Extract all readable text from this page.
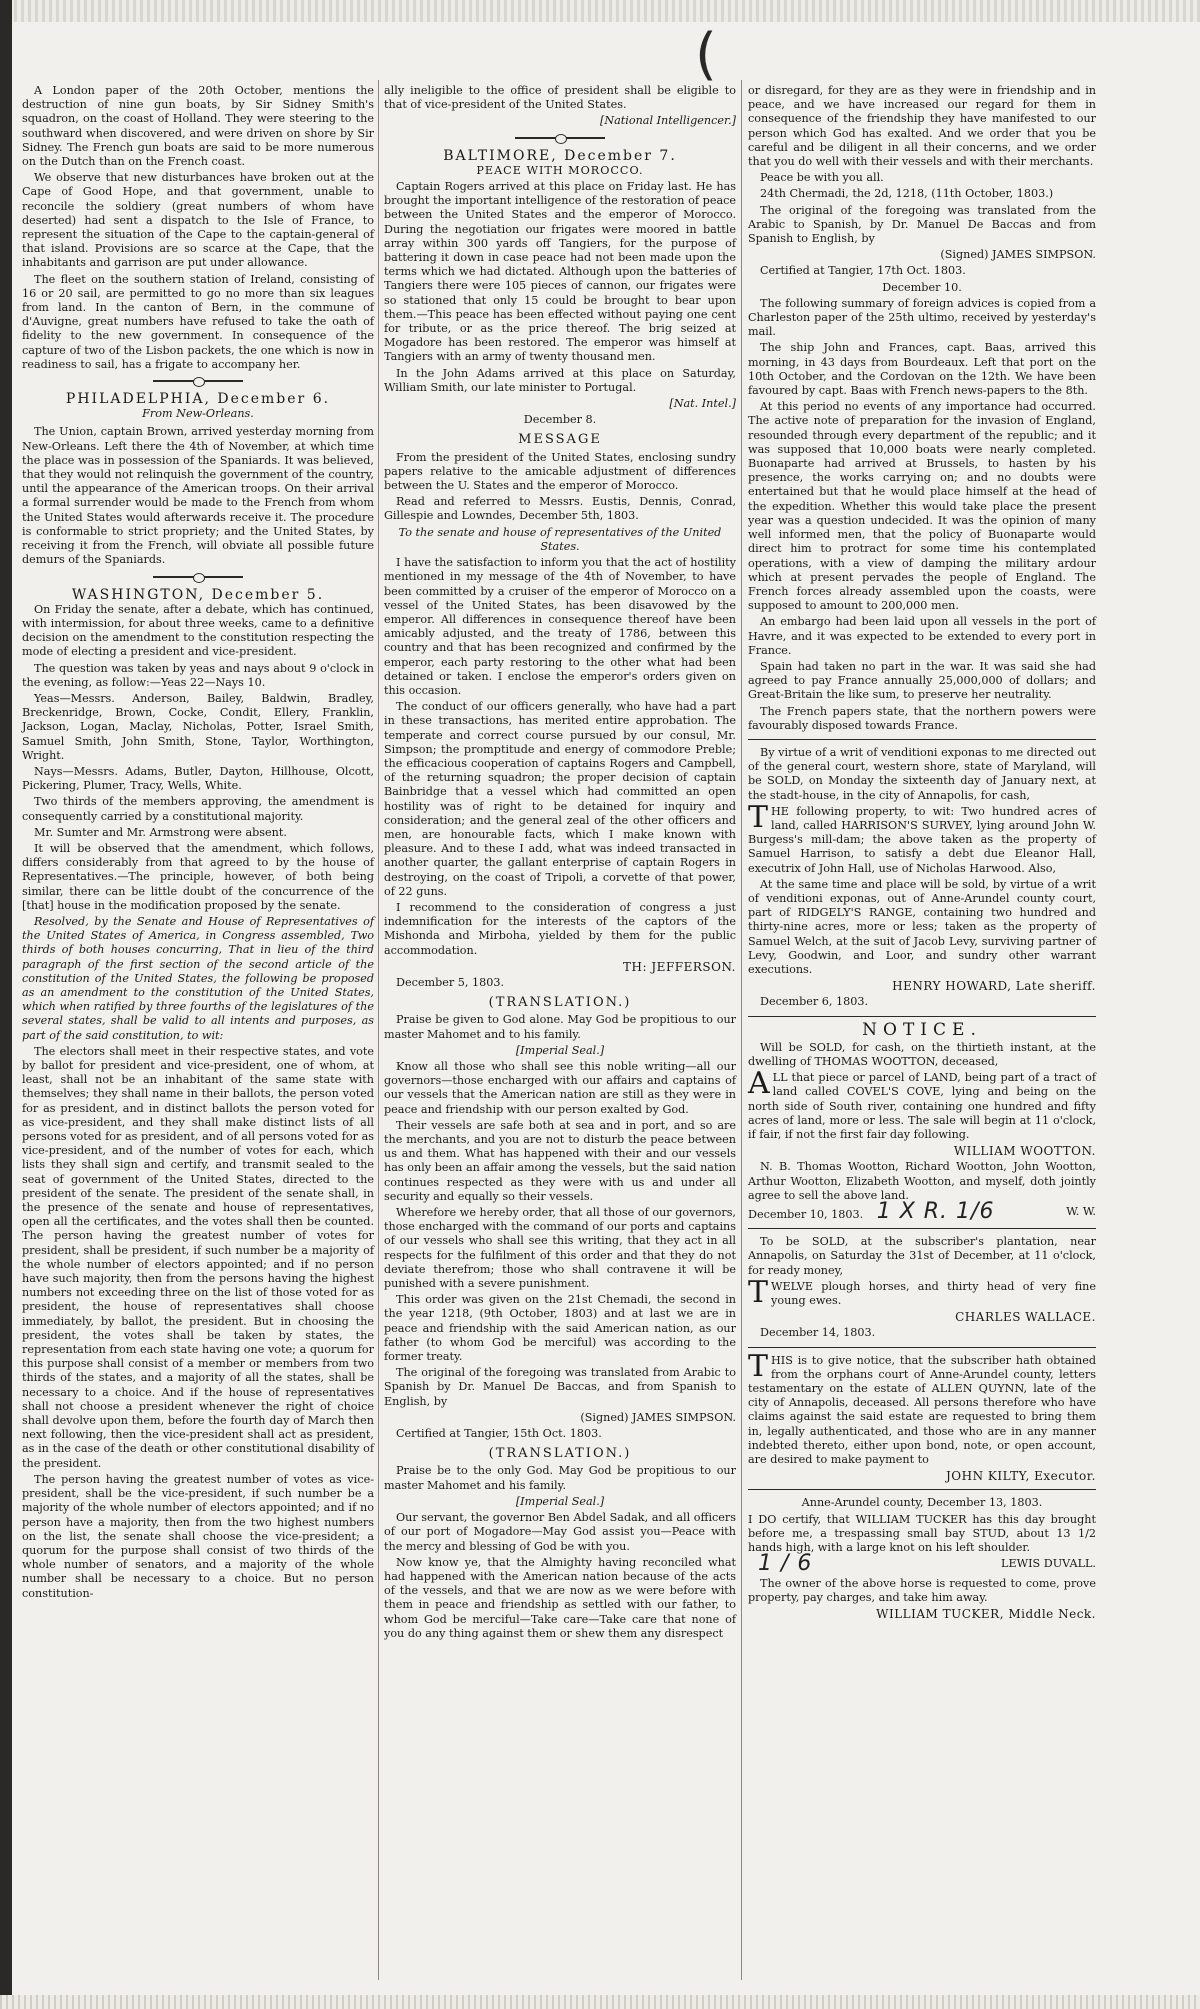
(

A London paper of the 20th October, mentions the destruction of nine gun boats, by Sir Sidney Smith's squadron, on the coast of Holland. They were steering to the southward when discovered, and were driven on shore by Sir Sidney. The French gun boats are said to be more numerous on the Dutch than on the French coast.

We observe that new disturbances have broken out at the Cape of Good Hope, and that government, unable to reconcile the soldiery (great numbers of whom have deserted) had sent a dispatch to the Isle of France, to represent the situation of the Cape to the captain-general of that island. Provisions are so scarce at the Cape, that the inhabitants and garrison are put under allowance.

The fleet on the southern station of Ireland, consisting of 16 or 20 sail, are permitted to go no more than six leagues from land. In the canton of Bern, in the commune of d'Auvigne, great numbers have refused to take the oath of fidelity to the new government. In consequence of the capture of two of the Lisbon packets, the one which is now in readiness to sail, has a frigate to accompany her.

PHILADELPHIA, December 6.

From New-Orleans.

The Union, captain Brown, arrived yesterday morning from New-Orleans. Left there the 4th of November, at which time the place was in possession of the Spaniards. It was believed, that they would not relinquish the government of the country, until the appearance of the American troops. On their arrival a formal surrender would be made to the French from whom the United States would afterwards receive it. The procedure is conformable to strict propriety; and the United States, by receiving it from the French, will obviate all possible future demurs of the Spaniards.

WASHINGTON, December 5.

On Friday the senate, after a debate, which has continued, with intermission, for about three weeks, came to a definitive decision on the amendment to the constitution respecting the mode of electing a president and vice-president.

The question was taken by yeas and nays about 9 o'clock in the evening, as follow:—Yeas 22—Nays 10.

Yeas—Messrs. Anderson, Bailey, Baldwin, Bradley, Breckenridge, Brown, Cocke, Condit, Ellery, Franklin, Jackson, Logan, Maclay, Nicholas, Potter, Israel Smith, Samuel Smith, John Smith, Stone, Taylor, Worthington, Wright.

Nays—Messrs. Adams, Butler, Dayton, Hillhouse, Olcott, Pickering, Plumer, Tracy, Wells, White.

Two thirds of the members approving, the amendment is consequently carried by a constitutional majority.

Mr. Sumter and Mr. Armstrong were absent.

It will be observed that the amendment, which follows, differs considerably from that agreed to by the house of Representatives.—The principle, however, of both being similar, there can be little doubt of the concurrence of the [that] house in the modification proposed by the senate.

Resolved, by the Senate and House of Representatives of the United States of America, in Congress assembled, Two thirds of both houses concurring, That in lieu of the third paragraph of the first section of the second article of the constitution of the United States, the following be proposed as an amendment to the constitution of the United States, which when ratified by three fourths of the legislatures of the several states, shall be valid to all intents and purposes, as part of the said constitution, to wit:

The electors shall meet in their respective states, and vote by ballot for president and vice-president, one of whom, at least, shall not be an inhabitant of the same state with themselves; they shall name in their ballots, the person voted for as president, and in distinct ballots the person voted for as vice-president, and they shall make distinct lists of all persons voted for as president, and of all persons voted for as vice-president, and of the number of votes for each, which lists they shall sign and certify, and transmit sealed to the seat of government of the United States, directed to the president of the senate. The president of the senate shall, in the presence of the senate and house of representatives, open all the certificates, and the votes shall then be counted. The person having the greatest number of votes for president, shall be president, if such number be a majority of the whole number of electors appointed; and if no person have such majority, then from the persons having the highest numbers not exceeding three on the list of those voted for as president, the house of representatives shall choose immediately, by ballot, the president. But in choosing the president, the votes shall be taken by states, the representation from each state having one vote; a quorum for this purpose shall consist of a member or members from two thirds of the states, and a majority of all the states, shall be necessary to a choice. And if the house of representatives shall not choose a president whenever the right of choice shall devolve upon them, before the fourth day of March then next following, then the vice-president shall act as president, as in the case of the death or other constitutional disability of the president.

The person having the greatest number of votes as vice-president, shall be the vice-president, if such number be a majority of the whole number of electors appointed; and if no person have a majority, then from the two highest numbers on the list, the senate shall choose the vice-president; a quorum for the purpose shall consist of two thirds of the whole number of senators, and a majority of the whole number shall be necessary to a choice. But no person constitution-

ally ineligible to the office of president shall be eligible to that of vice-president of the United States.

[National Intelligencer.]

BALTIMORE, December 7.

PEACE WITH MOROCCO.

Captain Rogers arrived at this place on Friday last. He has brought the important intelligence of the restoration of peace between the United States and the emperor of Morocco. During the negotiation our frigates were moored in battle array within 300 yards off Tangiers, for the purpose of battering it down in case peace had not been made upon the terms which we had dictated. Although upon the batteries of Tangiers there were 105 pieces of cannon, our frigates were so stationed that only 15 could be brought to bear upon them.—This peace has been effected without paying one cent for tribute, or as the price thereof. The brig seized at Mogadore has been restored. The emperor was himself at Tangiers with an army of twenty thousand men.

In the John Adams arrived at this place on Saturday, William Smith, our late minister to Portugal.

[Nat. Intel.]

December 8.

MESSAGE

From the president of the United States, enclosing sundry papers relative to the amicable adjustment of differences between the U. States and the emperor of Morocco.

Read and referred to Messrs. Eustis, Dennis, Conrad, Gillespie and Lowndes, December 5th, 1803.

To the senate and house of representatives of the United States.

I have the satisfaction to inform you that the act of hostility mentioned in my message of the 4th of November, to have been committed by a cruiser of the emperor of Morocco on a vessel of the United States, has been disavowed by the emperor. All differences in consequence thereof have been amicably adjusted, and the treaty of 1786, between this country and that has been recognized and confirmed by the emperor, each party restoring to the other what had been detained or taken. I enclose the emperor's orders given on this occasion.

The conduct of our officers generally, who have had a part in these transactions, has merited entire approbation. The temperate and correct course pursued by our consul, Mr. Simpson; the promptitude and energy of commodore Preble; the efficacious cooperation of captains Rogers and Campbell, of the returning squadron; the proper decision of captain Bainbridge that a vessel which had committed an open hostility was of right to be detained for inquiry and consideration; and the general zeal of the other officers and men, are honourable facts, which I make known with pleasure. And to these I add, what was indeed transacted in another quarter, the gallant enterprise of captain Rogers in destroying, on the coast of Tripoli, a corvette of that power, of 22 guns.

I recommend to the consideration of congress a just indemnification for the interests of the captors of the Mishonda and Mirboha, yielded by them for the public accommodation.

TH: JEFFERSON.

December 5, 1803.

(TRANSLATION.)

Praise be given to God alone. May God be propitious to our master Mahomet and to his family.

[Imperial Seal.]

Know all those who shall see this noble writing—all our governors—those encharged with our affairs and captains of our vessels that the American nation are still as they were in peace and friendship with our person exalted by God.

Their vessels are safe both at sea and in port, and so are the merchants, and you are not to disturb the peace between us and them. What has happened with their and our vessels has only been an affair among the vessels, but the said nation continues respected as they were with us and under all security and equally so their vessels.

Wherefore we hereby order, that all those of our governors, those encharged with the command of our ports and captains of our vessels who shall see this writing, that they act in all respects for the fulfilment of this order and that they do not deviate therefrom; those who shall contravene it will be punished with a severe punishment.

This order was given on the 21st Chemadi, the second in the year 1218, (9th October, 1803) and at last we are in peace and friendship with the said American nation, as our father (to whom God be merciful) was according to the former treaty.

The original of the foregoing was translated from Arabic to Spanish by Dr. Manuel De Baccas, and from Spanish to English, by

(Signed) JAMES SIMPSON.

Certified at Tangier, 15th Oct. 1803.

(TRANSLATION.)

Praise be to the only God. May God be propitious to our master Mahomet and his family.

[Imperial Seal.]

Our servant, the governor Ben Abdel Sadak, and all officers of our port of Mogadore—May God assist you—Peace with the mercy and blessing of God be with you.

Now know ye, that the Almighty having reconciled what had happened with the American nation because of the acts of the vessels, and that we are now as we were before with them in peace and friendship as settled with our father, to whom God be merciful—Take care—Take care that none of you do any thing against them or shew them any disrespect

or disregard, for they are as they were in friendship and in peace, and we have increased our regard for them in consequence of the friendship they have manifested to our person which God has exalted. And we order that you be careful and be diligent in all their concerns, and we order that you do well with their vessels and with their merchants.

Peace be with you all.

24th Chermadi, the 2d, 1218, (11th October, 1803.)

The original of the foregoing was translated from the Arabic to Spanish, by Dr. Manuel De Baccas and from Spanish to English, by

(Signed) JAMES SIMPSON.

Certified at Tangier, 17th Oct. 1803.

December 10.

The following summary of foreign advices is copied from a Charleston paper of the 25th ultimo, received by yesterday's mail.

The ship John and Frances, capt. Baas, arrived this morning, in 43 days from Bourdeaux. Left that port on the 10th October, and the Cordovan on the 12th. We have been favoured by capt. Baas with French news-papers to the 8th.

At this period no events of any importance had occurred. The active note of preparation for the invasion of England, resounded through every department of the republic; and it was supposed that 10,000 boats were nearly completed. Buonaparte had arrived at Brussels, to hasten by his presence, the works carrying on; and no doubts were entertained but that he would place himself at the head of the expedition. Whether this would take place the present year was a question undecided. It was the opinion of many well informed men, that the policy of Buonaparte would direct him to protract for some time his contemplated operations, with a view of damping the military ardour which at present pervades the people of England. The French forces already assembled upon the coasts, were supposed to amount to 200,000 men.

An embargo had been laid upon all vessels in the port of Havre, and it was expected to be extended to every port in France.

Spain had taken no part in the war. It was said she had agreed to pay France annually 25,000,000 of dollars; and Great-Britain the like sum, to preserve her neutrality.

The French papers state, that the northern powers were favourably disposed towards France.

By virtue of a writ of venditioni exponas to me directed out of the general court, western shore, state of Maryland, will be SOLD, on Monday the sixteenth day of January next, at the stadt-house, in the city of Annapolis, for cash,

THE following property, to wit: Two hundred acres of land, called HARRISON'S SURVEY, lying around John W. Burgess's mill-dam; the above taken as the property of Samuel Harrison, to satisfy a debt due Eleanor Hall, executrix of John Hall, use of Nicholas Harwood. Also,

At the same time and place will be sold, by virtue of a writ of venditioni exponas, out of Anne-Arundel county court, part of RIDGELY'S RANGE, containing two hundred and thirty-nine acres, more or less; taken as the property of Samuel Welch, at the suit of Jacob Levy, surviving partner of Levy, Goodwin, and Loor, and sundry other warrant executions.

HENRY HOWARD, Late sheriff.

December 6, 1803.

NOTICE.

Will be SOLD, for cash, on the thirtieth instant, at the dwelling of THOMAS WOOTTON, deceased,

ALL that piece or parcel of LAND, being part of a tract of land called COVEL'S COVE, lying and being on the north side of South river, containing one hundred and fifty acres of land, more or less. The sale will begin at 11 o'clock, if fair, if not the first fair day following.

WILLIAM WOOTTON.

N. B. Thomas Wootton, Richard Wootton, John Wootton, Arthur Wootton, Elizabeth Wootton, and myself, doth jointly agree to sell the above land.

December 10, 1803. 1 X R. 1/6	W. W.

To be SOLD, at the subscriber's plantation, near Annapolis, on Saturday the 31st of December, at 11 o'clock, for ready money,

TWELVE plough horses, and thirty head of very fine young ewes.

CHARLES WALLACE.

December 14, 1803.

THIS is to give notice, that the subscriber hath obtained from the orphans court of Anne-Arundel county, letters testamentary on the estate of ALLEN QUYNN, late of the city of Annapolis, deceased. All persons therefore who have claims against the said estate are requested to bring them in, legally authenticated, and those who are in any manner indebted thereto, either upon bond, note, or open account, are desired to make payment to

JOHN KILTY, Executor.

Anne-Arundel county, December 13, 1803.

I DO certify, that WILLIAM TUCKER has this day brought before me, a trespassing small bay STUD, about 13 1/2 hands high, with a large knot on his left shoulder.

1 / 6	LEWIS DUVALL.

The owner of the above horse is requested to come, prove property, pay charges, and take him away.

WILLIAM TUCKER, Middle Neck.
